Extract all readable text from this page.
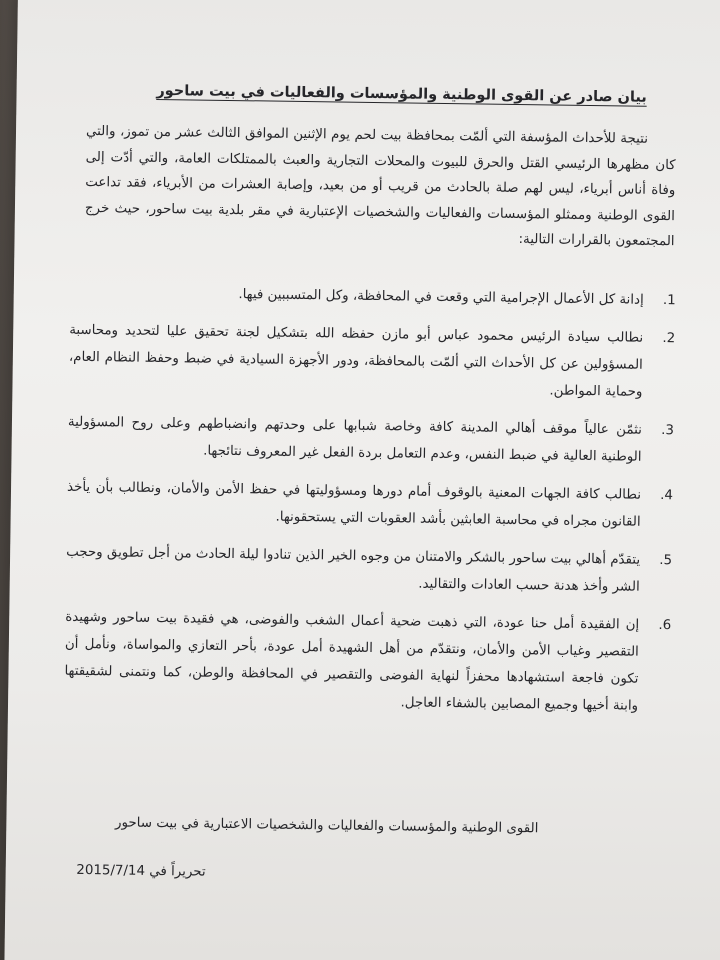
بيان صادر عن القوى الوطنية والمؤسسات والفعاليات في بيت ساحور

نتيجة للأحداث المؤسفة التي ألمّت بمحافظة بيت لحم يوم الإثنين الموافق الثالث عشر من تموز، والتي كان مظهرها الرئيسي القتل والحرق للبيوت والمحلات التجارية والعبث بالممتلكات العامة، والتي أدّت إلى وفاة أناس أبرياء، ليس لهم صلة بالحادث من قريب أو من بعيد، وإصابة العشرات من الأبرياء، فقد تداعت القوى الوطنية وممثلو المؤسسات والفعاليات والشخصيات الإعتبارية في مقر بلدية بيت ساحور، حيث خرج المجتمعون بالقرارات التالية:

1.
إدانة كل الأعمال الإجرامية التي وقعت في المحافظة، وكل المتسببين فيها.
2.
نطالب سيادة الرئيس محمود عباس أبو مازن حفظه الله بتشكيل لجنة تحقيق عليا لتحديد ومحاسبة المسؤولين عن كل الأحداث التي ألمّت بالمحافظة، ودور الأجهزة السيادية في ضبط وحفظ النظام العام، وحماية المواطن.
3.
نثمّن عالياً موقف أهالي المدينة كافة وخاصة شبابها على وحدتهم وانضباطهم وعلى روح المسؤولية الوطنية العالية في ضبط النفس، وعدم التعامل بردة الفعل غير المعروف نتائجها.
4.
نطالب كافة الجهات المعنية بالوقوف أمام دورها ومسؤوليتها في حفظ الأمن والأمان، ونطالب بأن يأخذ القانون مجراه في محاسبة العابثين بأشد العقوبات التي يستحقونها.
5.
يتقدّم أهالي بيت ساحور بالشكر والامتنان من وجوه الخير الذين تنادوا ليلة الحادث من أجل تطويق وحجب الشر وأخذ هدنة حسب العادات والتقاليد.
6.
إن الفقيدة أمل حنا عودة، التي ذهبت ضحية أعمال الشغب والفوضى، هي فقيدة بيت ساحور وشهيدة التقصير وغياب الأمن والأمان، ونتقدّم من أهل الشهيدة أمل عودة، بأحر التعازي والمواساة، ونأمل أن تكون فاجعة استشهادها محفزاً لنهاية الفوضى والتقصير في المحافظة والوطن، كما ونتمنى لشقيقتها وابنة أخيها وجميع المصابين بالشفاء العاجل.

القوى الوطنية والمؤسسات والفعاليات والشخصيات الاعتبارية في بيت ساحور

تحريراً في 2015/7/14
